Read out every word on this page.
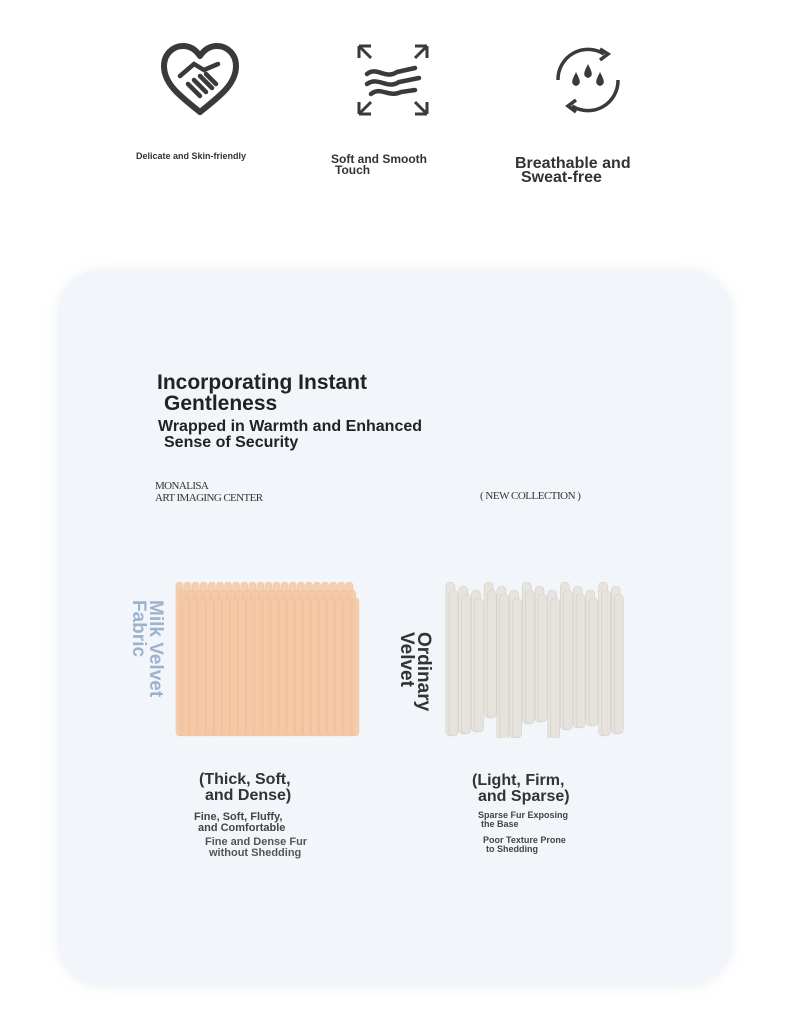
Delicate and Skin-friendly	Soft and Smooth
Touch	Breathable and
Sweat-free
Incorporating Instant
Gentleness
Wrapped in Warmth and Enhanced
Sense of Security
MONALISA
ART IMAGING CENTER	( NEW COLLECTION )
Milk Velvet
Fabric
Ordinary
Velvet
(Thick, Soft,
and Dense)
Fine, Soft, Fluffy,
and Comfortable
Fine and Dense Fur
without Shedding
(Light, Firm,
and Sparse)
Sparse Fur Exposing
the Base
Poor Texture Prone
to Shedding
